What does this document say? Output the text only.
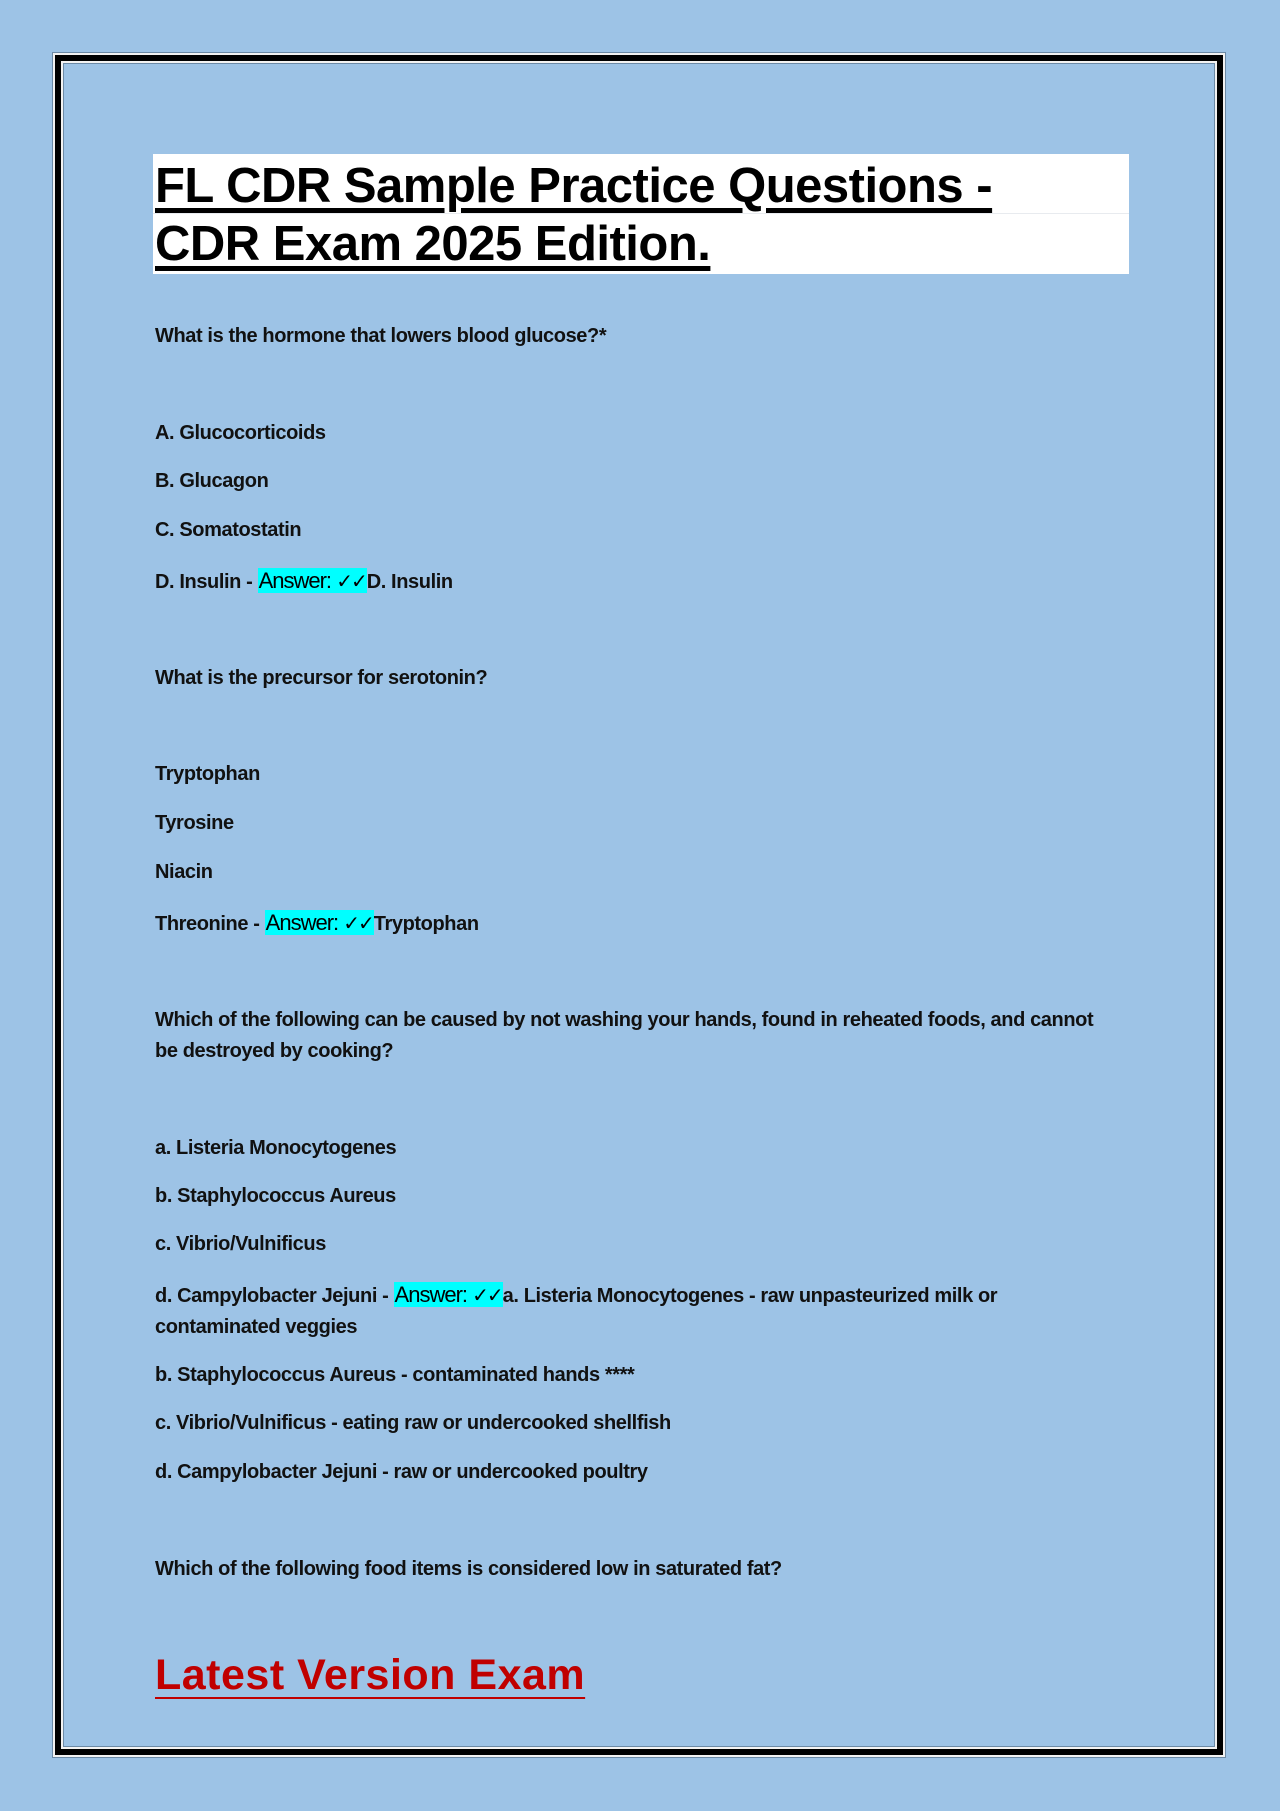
FL CDR Sample Practice Questions -
CDR Exam 2025 Edition.
What is the hormone that lowers blood glucose?*
A. Glucocorticoids
B. Glucagon
C. Somatostatin
D. Insulin - Answer: ✓✓D. Insulin
What is the precursor for serotonin?
Tryptophan
Tyrosine
Niacin
Threonine - Answer: ✓✓Tryptophan
Which of the following can be caused by not washing your hands, found in reheated foods, and cannot be destroyed by cooking?
a. Listeria Monocytogenes
b. Staphylococcus Aureus
c. Vibrio/Vulnificus
d. Campylobacter Jejuni - Answer: ✓✓a. Listeria Monocytogenes - raw unpasteurized milk or contaminated veggies
b. Staphylococcus Aureus - contaminated hands ****
c. Vibrio/Vulnificus - eating raw or undercooked shellfish
d. Campylobacter Jejuni - raw or undercooked poultry
Which of the following food items is considered low in saturated fat?
Latest Version Exam
